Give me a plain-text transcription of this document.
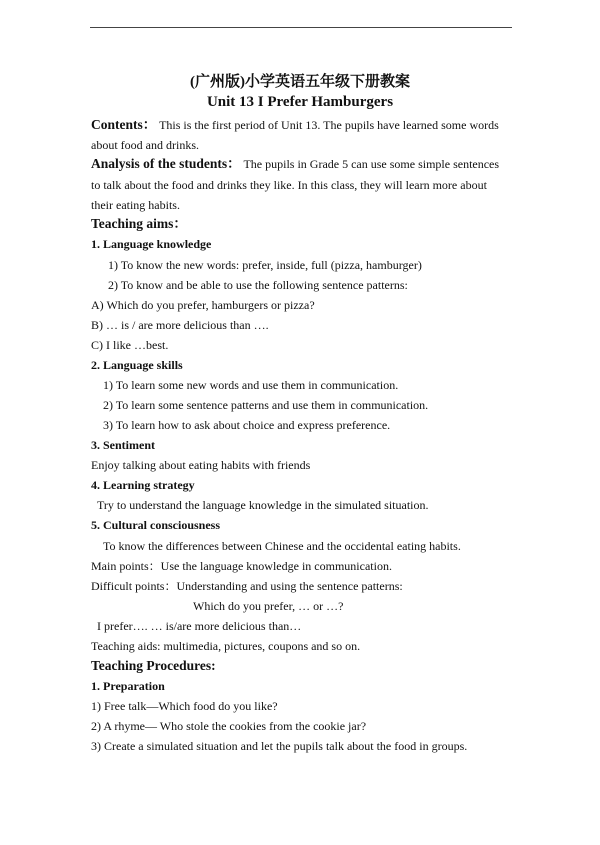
(广州版)小学英语五年级下册教案
Unit 13 I Prefer Hamburgers
Contents： This is the first period of Unit 13. The pupils have learned some words
about food and drinks.
Analysis of the students： The pupils in Grade 5 can use some simple sentences
to talk about the food and drinks they like. In this class, they will learn more about
their eating habits.
Teaching aims：
1. Language knowledge
1) To know the new words: prefer, inside, full (pizza, hamburger)
2) To know and be able to use the following sentence patterns:
A) Which do you prefer, hamburgers or pizza?
B) … is / are more delicious than ….
C) I like …best.
2. Language skills
1) To learn some new words and use them in communication.
2) To learn some sentence patterns and use them in communication.
3) To learn how to ask about choice and express preference.
3. Sentiment
Enjoy talking about eating habits with friends
4. Learning strategy
Try to understand the language knowledge in the simulated situation.
5. Cultural consciousness
To know the differences between Chinese and the occidental eating habits.
Main points：Use the language knowledge in communication.
Difficult points：Understanding and using the sentence patterns:
Which do you prefer, … or …?
I prefer…. … is/are more delicious than…
Teaching aids: multimedia, pictures, coupons and so on.
Teaching Procedures:
1. Preparation
1) Free talk—Which food do you like?
2) A rhyme— Who stole the cookies from the cookie jar?
3) Create a simulated situation and let the pupils talk about the food in groups.
